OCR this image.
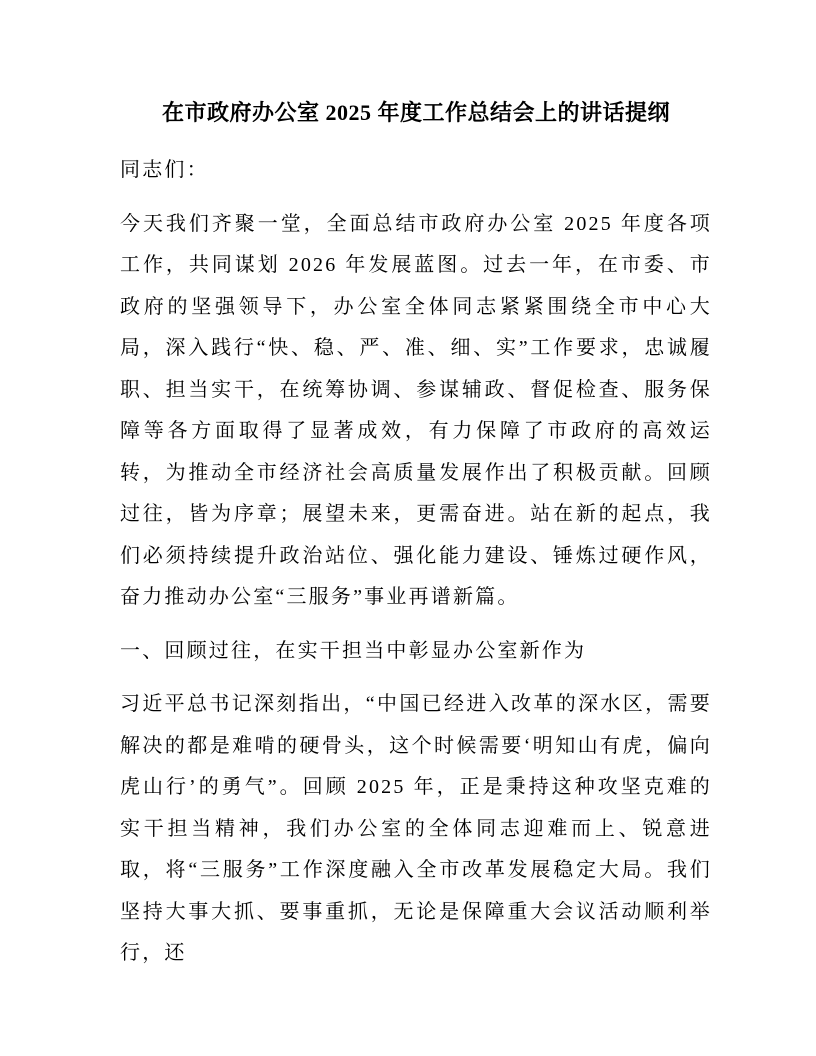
在市政府办公室 2025 年度工作总结会上的讲话提纲

同志们：

今天我们齐聚一堂，全面总结市政府办公室 2025 年度各项工作，共同谋划 2026 年发展蓝图。过去一年，在市委、市政府的坚强领导下，办公室全体同志紧紧围绕全市中心大局，深入践行“快、稳、严、准、细、实”工作要求，忠诚履职、担当实干，在统筹协调、参谋辅政、督促检查、服务保障等各方面取得了显著成效，有力保障了市政府的高效运转，为推动全市经济社会高质量发展作出了积极贡献。回顾过往，皆为序章；展望未来，更需奋进。站在新的起点，我们必须持续提升政治站位、强化能力建设、锤炼过硬作风，奋力推动办公室“三服务”事业再谱新篇。

一、回顾过往，在实干担当中彰显办公室新作为

习近平总书记深刻指出，“中国已经进入改革的深水区，需要解决的都是难啃的硬骨头，这个时候需要‘明知山有虎，偏向虎山行’的勇气”。回顾 2025 年，正是秉持这种攻坚克难的实干担当精神，我们办公室的全体同志迎难而上、锐意进取，将“三服务”工作深度融入全市改革发展稳定大局。我们坚持大事大抓、要事重抓，无论是保障重大会议活动顺利举行，还
